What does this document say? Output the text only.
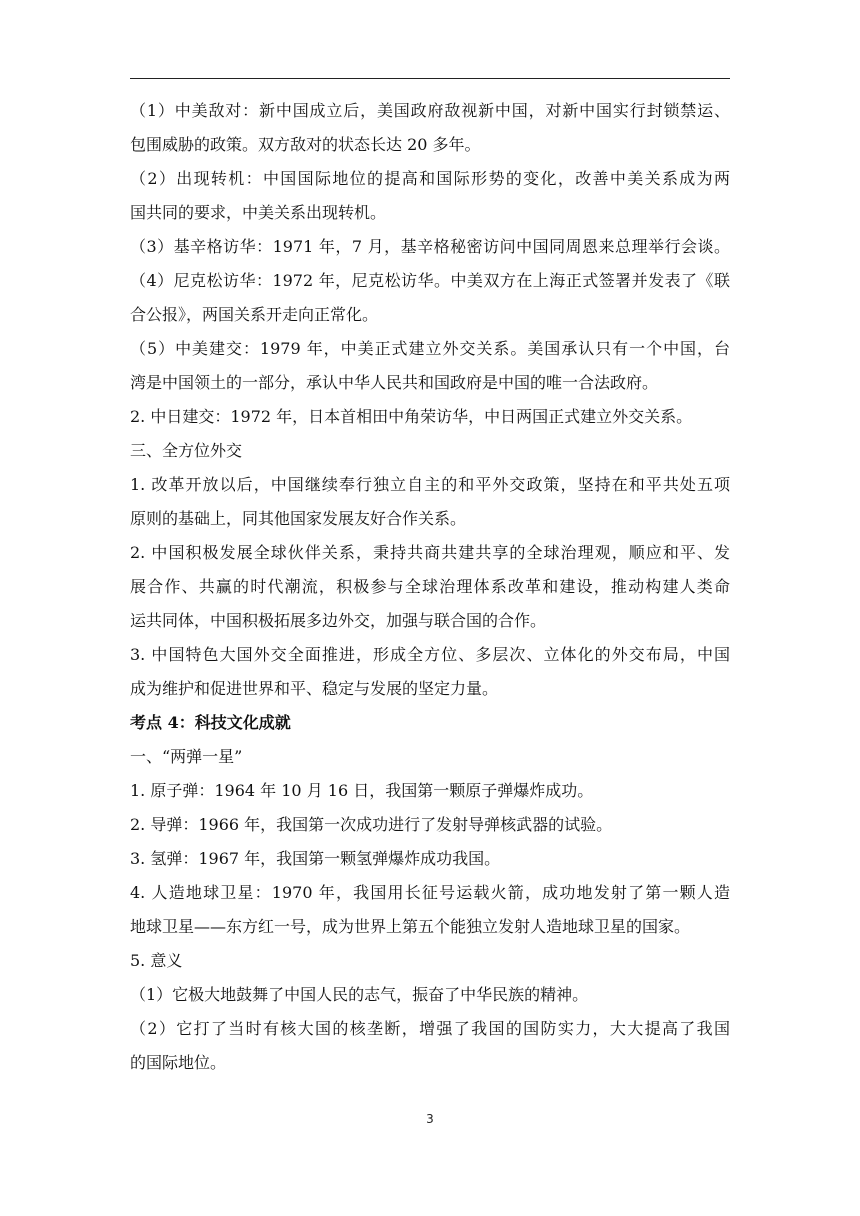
（1）中美敌对：新中国成立后，美国政府敌视新中国，对新中国实行封锁禁运、
包围威胁的政策。双方敌对的状态长达 20 多年。
（2）出现转机：中国国际地位的提高和国际形势的变化，改善中美关系成为两
国共同的要求，中美关系出现转机。
（3）基辛格访华：1971 年，7 月，基辛格秘密访问中国同周恩来总理举行会谈。
（4）尼克松访华：1972 年，尼克松访华。中美双方在上海正式签署并发表了《联
合公报》，两国关系开走向正常化。
（5）中美建交：1979 年，中美正式建立外交关系。美国承认只有一个中国，台
湾是中国领土的一部分，承认中华人民共和国政府是中国的唯一合法政府。
2. 中日建交：1972 年，日本首相田中角荣访华，中日两国正式建立外交关系。
三、全方位外交
1. 改革开放以后，中国继续奉行独立自主的和平外交政策，坚持在和平共处五项
原则的基础上，同其他国家发展友好合作关系。
2. 中国积极发展全球伙伴关系，秉持共商共建共享的全球治理观，顺应和平、发
展合作、共赢的时代潮流，积极参与全球治理体系改革和建设，推动构建人类命
运共同体，中国积极拓展多边外交，加强与联合国的合作。
3. 中国特色大国外交全面推进，形成全方位、多层次、立体化的外交布局，中国
成为维护和促进世界和平、稳定与发展的坚定力量。
考点 4：科技文化成就
一、“两弹一星”
1. 原子弹：1964 年 10 月 16 日，我国第一颗原子弹爆炸成功。
2. 导弹：1966 年，我国第一次成功进行了发射导弹核武器的试验。
3. 氢弹：1967 年，我国第一颗氢弹爆炸成功我国。
4. 人造地球卫星：1970 年，我国用长征号运载火箭，成功地发射了第一颗人造
地球卫星——东方红一号，成为世界上第五个能独立发射人造地球卫星的国家。
5. 意义
（1）它极大地鼓舞了中国人民的志气，振奋了中华民族的精神。
（2）它打了当时有核大国的核垄断，增强了我国的国防实力，大大提高了我国
的国际地位。
3
